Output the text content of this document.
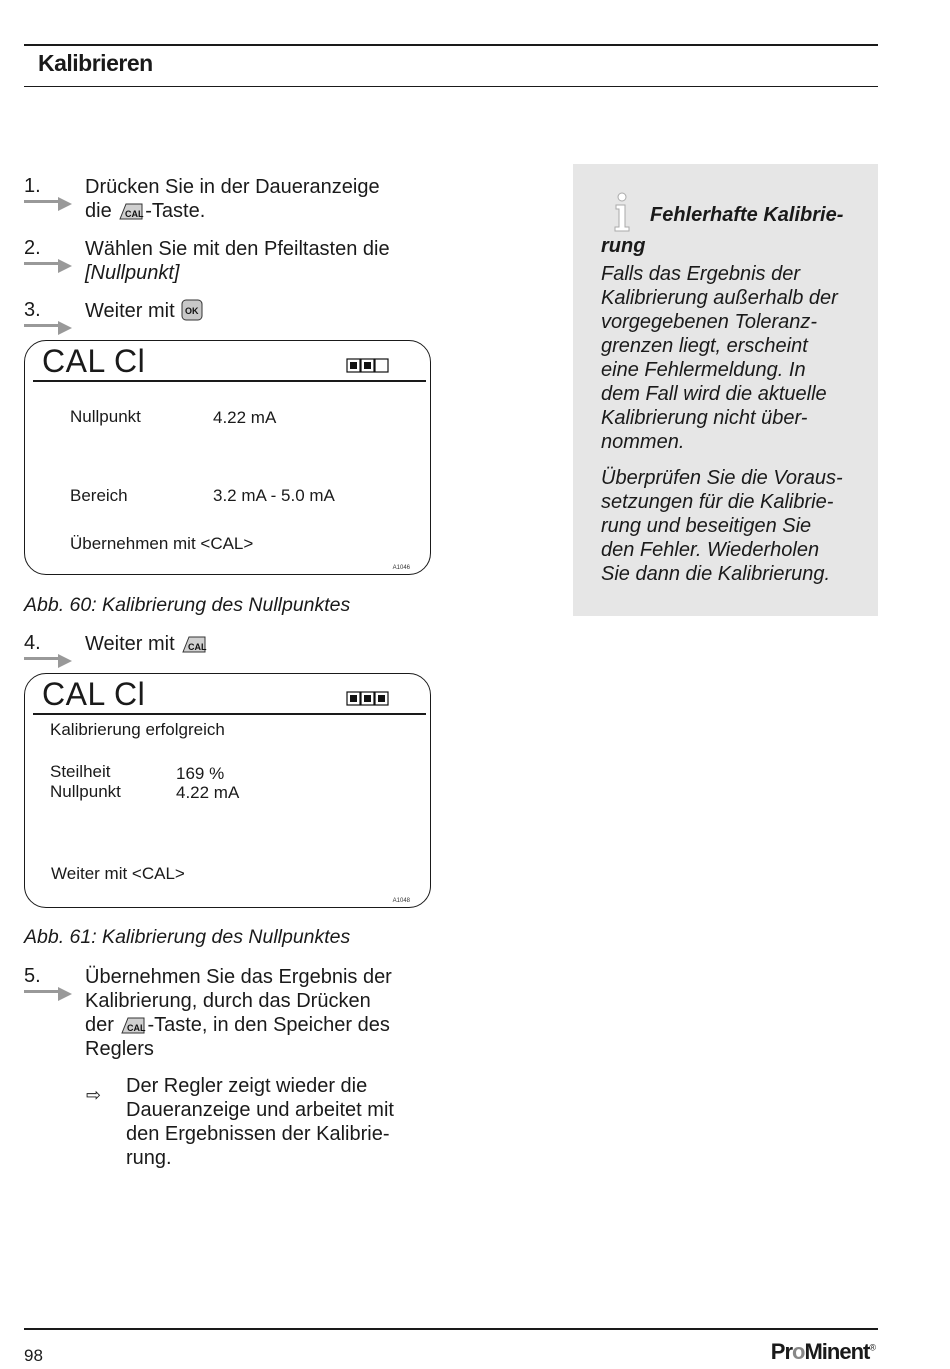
Kalibrieren
1. Drücken Sie in der Daueranzeige
die CAL -Taste.
2. Wählen Sie mit den Pfeiltasten die
[Nullpunkt]
3. Weiter mit OK
CAL Cl
Nullpunkt	4.22 mA
Bereich	3.2 mA - 5.0 mA
Übernehmen mit <CAL>
A1046
Abb. 60: Kalibrierung des Nullpunktes
4. Weiter mit CAL
CAL Cl
Kalibrierung erfolgreich
Steilheit	169 %
Nullpunkt	4.22 mA
Weiter mit <CAL>
A1048
Abb. 61: Kalibrierung des Nullpunktes
5. Übernehmen Sie das Ergebnis der
Kalibrierung, durch das Drücken
der CAL -Taste, in den Speicher des
Reglers
⇨ Der Regler zeigt wieder die
Daueranzeige und arbeitet mit
den Ergebnissen der Kalibrie-
rung.
Fehlerhafte Kalibrie-
rung
Falls das Ergebnis der
Kalibrierung außerhalb der
vorgegebenen Toleranz-
grenzen liegt, erscheint
eine Fehlermeldung. In
dem Fall wird die aktuelle
Kalibrierung nicht über-
nommen.
Überprüfen Sie die Voraus-
setzungen für die Kalibrie-
rung und beseitigen Sie
den Fehler. Wiederholen
Sie dann die Kalibrierung.
98	ProMinent®
